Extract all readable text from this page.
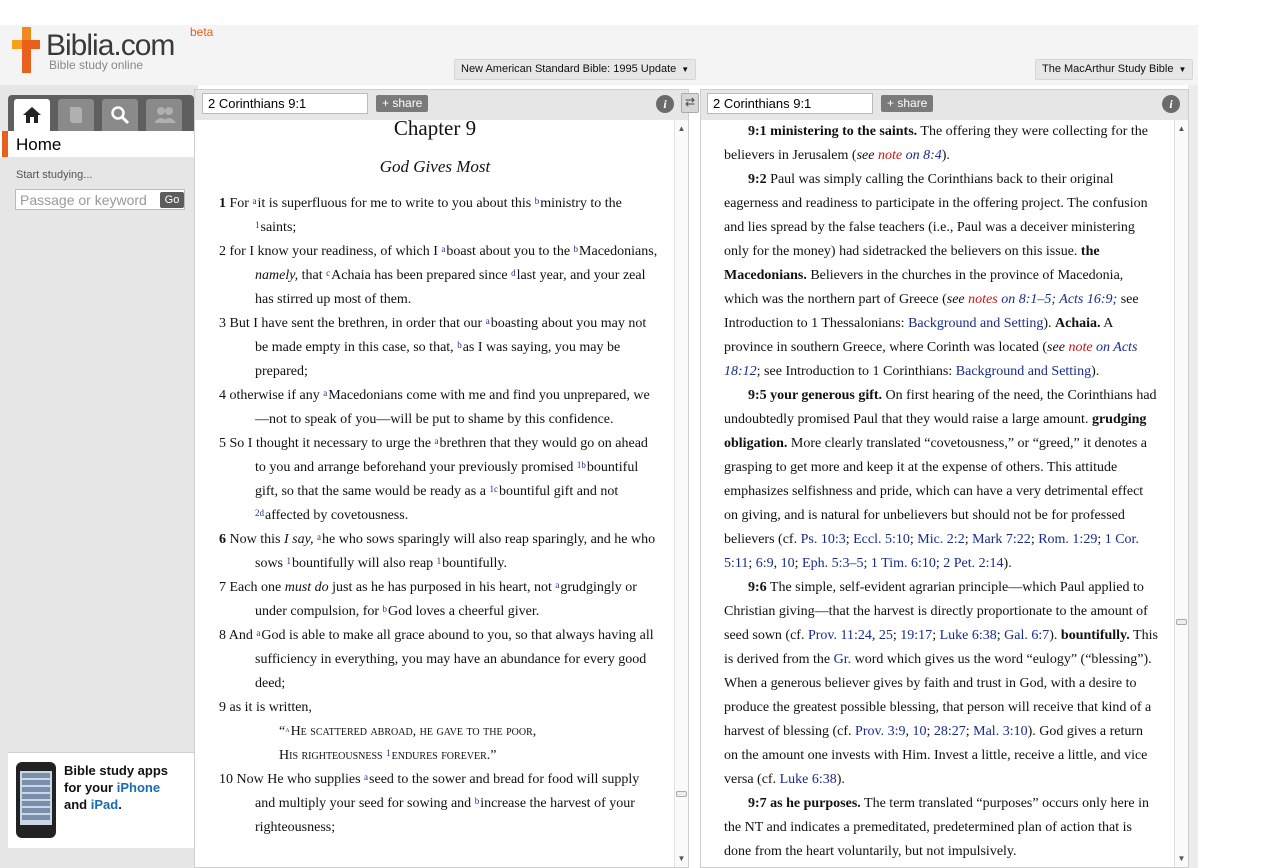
Biblia.com beta
Bible study online	New American Standard Bible: 1995 Update ▼	The MacArthur Study Bible ▼
Home
Start studying...
Passage or keyword
Go
Bible study apps
for your iPhone
and iPad.
2 Corinthians 9:1
+ share	i
Chapter 9
God Gives Most
1 For $^a$it is superfluous for me to write to you about this $^b$ministry to the $^1$saints;
2 for I know your readiness, of which I $^a$boast about you to the $^b$Macedonians, namely, that $^c$Achaia has been prepared since $^d$last year, and your zeal has stirred up most of them.
3 But I have sent the brethren, in order that our $^a$boasting about you may not be made empty in this case, so that, $^b$as I was saying, you may be prepared;
4 otherwise if any $^a$Macedonians come with me and find you unprepared, we—not to speak of you—will be put to shame by this confidence.
5 So I thought it necessary to urge the $^a$brethren that they would go on ahead to you and arrange beforehand your previously promised $^{1b}$bountiful gift, so that the same would be ready as a $^{1c}$bountiful gift and not $^{2d}$affected by covetousness.
6 Now this I say, $^a$he who sows sparingly will also reap sparingly, and he who sows $^1$bountifully will also reap $^1$bountifully.
7 Each one must do just as he has purposed in his heart, not $^a$grudgingly or under compulsion, for $^b$God loves a cheerful giver.
8 And $^a$God is able to make all grace abound to you, so that always having all sufficiency in everything, you may have an abundance for every good deed;
9 as it is written,
“$^a$He scattered abroad, he gave to the poor,
His righteousness $^1$endures forever.”
10 Now He who supplies $^a$seed to the sower and bread for food will supply and multiply your seed for sowing and $^b$increase the harvest of your righteousness;
▲
▼
⇄
2 Corinthians 9:1	+ share	i
9:1 ministering to the saints. The offering they were collecting for the believers in Jerusalem (see note on 8:4).
9:2 Paul was simply calling the Corinthians back to their original eagerness and readiness to participate in the offering project. The confusion and lies spread by the false teachers (i.e., Paul was a deceiver ministering only for the money) had sidetracked the believers on this issue. the Macedonians. Believers in the churches in the province of Macedonia, which was the northern part of Greece (see notes on 8:1–5; Acts 16:9; see Introduction to 1 Thessalonians: Background and Setting). Achaia. A province in southern Greece, where Corinth was located (see note on Acts 18:12; see Introduction to 1 Corinthians: Background and Setting).
9:5 your generous gift. On first hearing of the need, the Corinthians had undoubtedly promised Paul that they would raise a large amount. grudging obligation. More clearly translated “covetousness,” or “greed,” it denotes a grasping to get more and keep it at the expense of others. This attitude emphasizes selfishness and pride, which can have a very detrimental effect on giving, and is natural for unbelievers but should not be for professed believers (cf. Ps. 10:3; Eccl. 5:10; Mic. 2:2; Mark 7:22; Rom. 1:29; 1 Cor. 5:11; 6:9, 10; Eph. 5:3–5; 1 Tim. 6:10; 2 Pet. 2:14).
9:6 The simple, self-evident agrarian principle—which Paul applied to Christian giving—that the harvest is directly proportionate to the amount of seed sown (cf. Prov. 11:24, 25; 19:17; Luke 6:38; Gal. 6:7). bountifully. This is derived from the Gr. word which gives us the word “eulogy” (“blessing”). When a generous believer gives by faith and trust in God, with a desire to produce the greatest possible blessing, that person will receive that kind of a harvest of blessing (cf. Prov. 3:9, 10; 28:27; Mal. 3:10). God gives a return on the amount one invests with Him. Invest a little, receive a little, and vice versa (cf. Luke 6:38).
9:7 as he purposes. The term translated “purposes” occurs only here in the NT and indicates a premeditated, predetermined plan of action that is done from the heart voluntarily, but not impulsively.
▲
▼
